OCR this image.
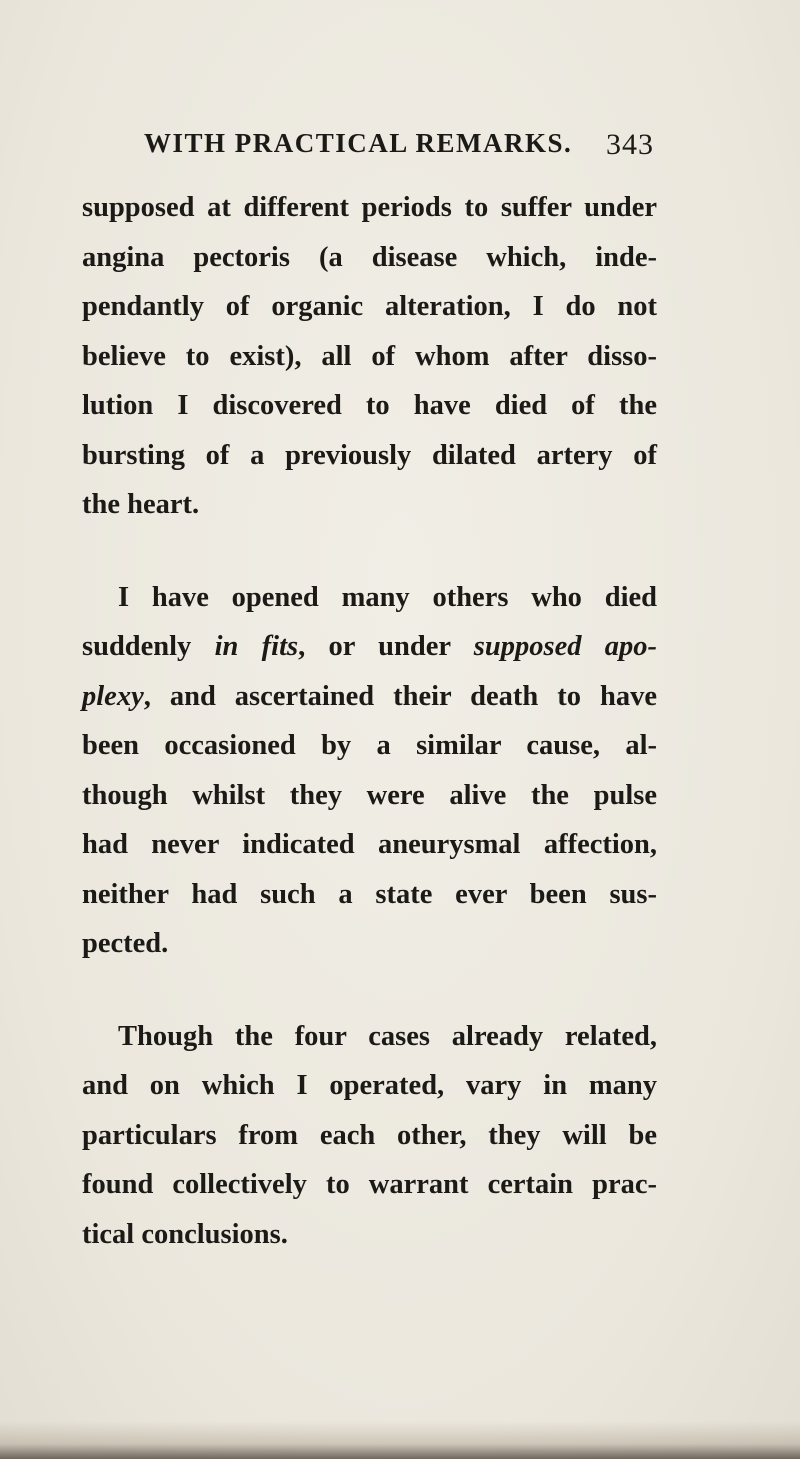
WITH PRACTICAL REMARKS. 343
supposed at different periods to suffer under
angina pectoris (a disease which, inde-
pendantly of organic alteration, I do not
believe to exist), all of whom after disso-
lution I discovered to have died of the
bursting of a previously dilated artery of
the heart.
I have opened many others who died
suddenly in fits, or under supposed apo-
plexy, and ascertained their death to have
been occasioned by a similar cause, al-
though whilst they were alive the pulse
had never indicated aneurysmal affection,
neither had such a state ever been sus-
pected.
Though the four cases already related,
and on which I operated, vary in many
particulars from each other, they will be
found collectively to warrant certain prac-
tical conclusions.
